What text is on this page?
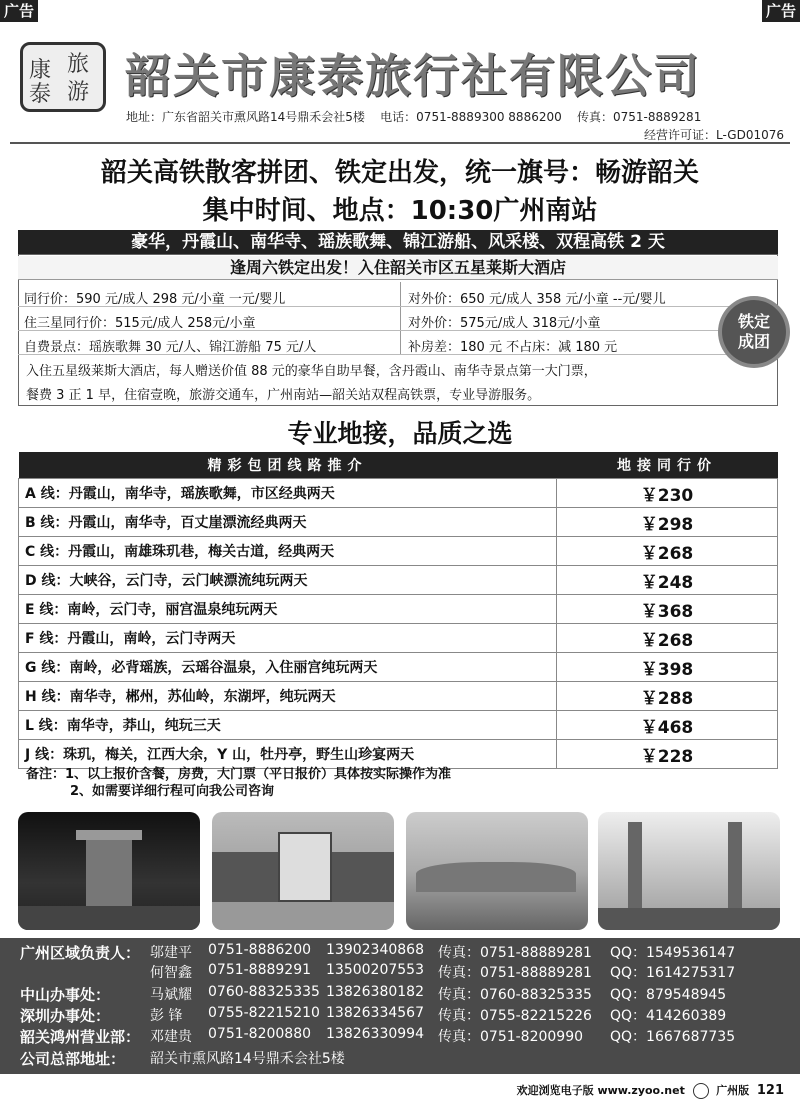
广告	广告
康 旅
泰 游 韶关市康泰旅行社有限公司
地址：广东省韶关市熏风路14号鼎禾会社5楼 电话：0751-8889300 8886200 传真：0751-8889281
经营许可证：L-GD01076
韶关高铁散客拼团、铁定出发，统一旗号：畅游韶关
集中时间、地点：10:30广州南站
豪华，丹霞山、南华寺、瑶族歌舞、锦江游船、风采楼、双程高铁 2 天
逢周六铁定出发！入住韶关市区五星莱斯大酒店
同行价：590 元/成人 298 元/小童 一元/婴儿	对外价：650 元/成人 358 元/小童 --元/婴儿
住三星同行价：515元/成人 258元/小童	对外价：575元/成人 318元/小童
自费景点：瑶族歌舞 30 元/人、锦江游船 75 元/人	补房差：180 元 不占床：减 180 元
入住五星级莱斯大酒店，每人赠送价值 88 元的豪华自助早餐，含丹霞山、南华寺景点第一大门票，
餐费 3 正 1 早，住宿壹晚，旅游交通车，广州南站—韶关站双程高铁票，专业导游服务。
铁定
成团
专业地接，品质之选
精彩包团线路推介	地接同行价
A 线：丹霞山，南华寺，瑶族歌舞，市区经典两天	￥230
B 线：丹霞山，南华寺，百丈崖漂流经典两天	￥298
C 线：丹霞山，南雄珠玑巷，梅关古道，经典两天	￥268
D 线：大峡谷，云门寺，云门峡漂流纯玩两天	￥248
E 线：南岭，云门寺，丽宫温泉纯玩两天	￥368
F 线：丹霞山，南岭，云门寺两天	￥268
G 线：南岭，必背瑶族，云瑶谷温泉，入住丽宫纯玩两天	￥398
H 线：南华寺，郴州，苏仙岭，东湖坪，纯玩两天	￥288
L 线：南华寺，莽山，纯玩三天	￥468
J 线：珠玑，梅关，江西大余，Y 山，牡丹亭，野生山珍宴两天	￥228
备注：1、以上报价含餐，房费，大门票（平日报价）具体按实际操作为准
2、如需要详细行程可向我公司咨询
广州区域负责人： 邬建平 0751-8886200 13902340868 传真：0751-88889281 QQ：1549536147
何智鑫 0751-8889291 13500207553 传真：0751-88889281 QQ：1614275317
中山办事处：	马斌耀 0760-88325335 13826380182 传真：0760-88325335 QQ：879548945
深圳办事处：	彭 锋 0755-82215210 13826334567 传真：0755-82215226 QQ：414260389
韶关鸿州营业部： 邓建贵 0751-8200880 13826330994 传真：0751-8200990 QQ：1667687735
公司总部地址： 韶关市熏风路14号鼎禾会社5楼
欢迎浏览电子版 www.zyoo.net	广州版 121
